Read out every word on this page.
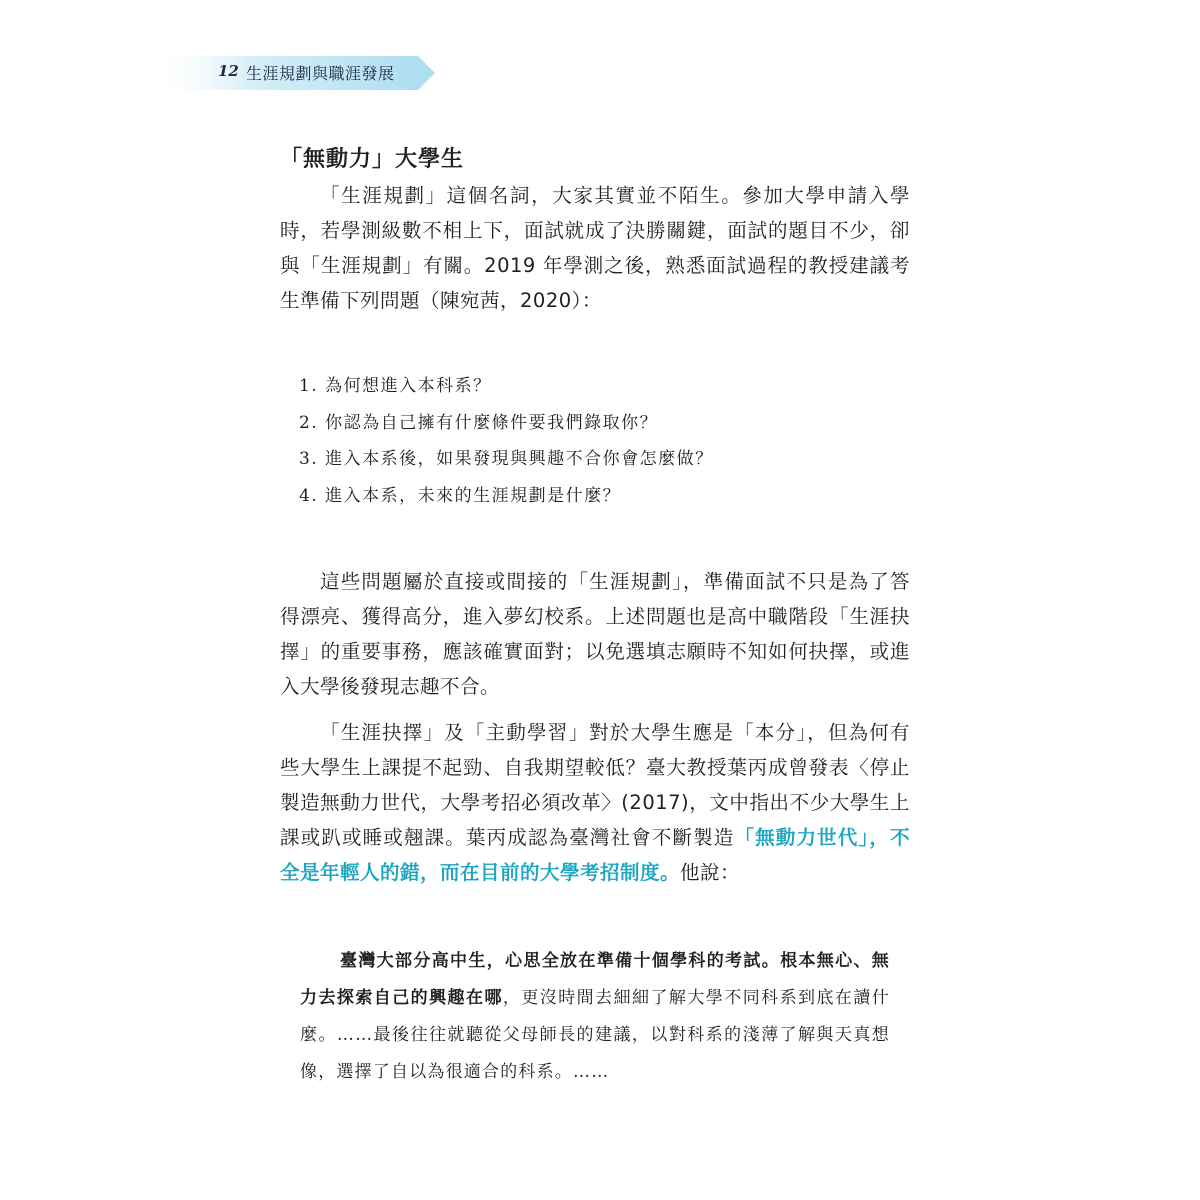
12 生涯規劃與職涯發展
「無動力」大學生

「生涯規劃」這個名詞，大家其實並不陌生。參加大學申請入學時，若學測級數不相上下，面試就成了決勝關鍵，面試的題目不少，卻與「生涯規劃」有關。2019 年學測之後，熟悉面試過程的教授建議考生準備下列問題（陳宛茜，2020）：

1. 為何想進入本科系？
2. 你認為自己擁有什麼條件要我們錄取你？
3. 進入本系後，如果發現與興趣不合你會怎麼做？
4. 進入本系，未來的生涯規劃是什麼？

這些問題屬於直接或間接的「生涯規劃」，準備面試不只是為了答得漂亮、獲得高分，進入夢幻校系。上述問題也是高中職階段「生涯抉擇」的重要事務，應該確實面對；以免選填志願時不知如何抉擇，或進入大學後發現志趣不合。

「生涯抉擇」及「主動學習」對於大學生應是「本分」，但為何有些大學生上課提不起勁、自我期望較低？臺大教授葉丙成曾發表〈停止製造無動力世代，大學考招必須改革〉(2017)，文中指出不少大學生上課或趴或睡或翹課。葉丙成認為臺灣社會不斷製造「無動力世代」，不全是年輕人的錯，而在目前的大學考招制度。他說：

臺灣大部分高中生，心思全放在準備十個學科的考試。根本無心、無力去探索自己的興趣在哪，更沒時間去細細了解大學不同科系到底在讀什麼。……最後往往就聽從父母師長的建議，以對科系的淺薄了解與天真想像，選擇了自以為很適合的科系。……
